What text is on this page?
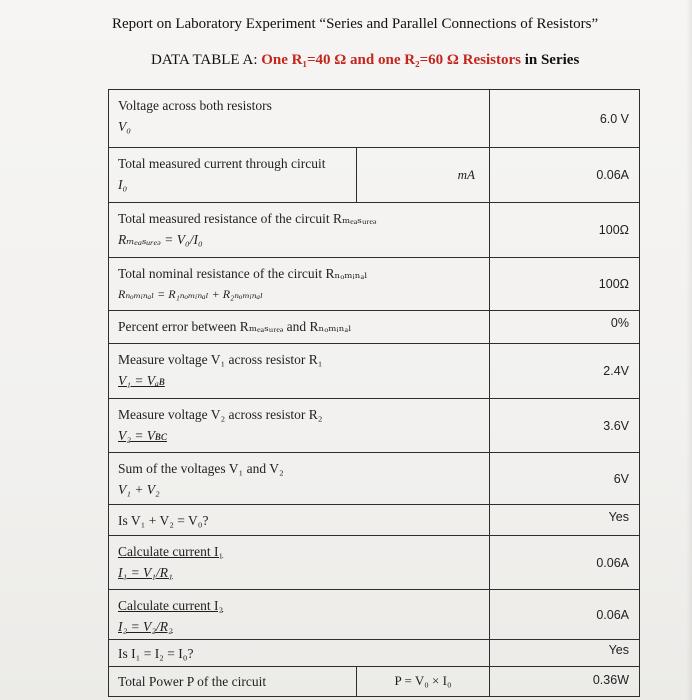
Report on Laboratory Experiment “Series and Parallel Connections of Resistors”
DATA TABLE A: One R₁=40 Ω and one R₂=60 Ω Resistors in Series
Voltage across both resistors
V₀		6.0 V

Total measured current through circuit
I₀	mA	0.06A

Total measured resistance of the circuit Rₘₑₐₛᵤᵣₑₔ
Rₘₑₐₛᵤᵣₑₔ = V₀/I₀		100Ω

Total nominal resistance of the circuit Rₙₒₘᵢₙₐₗ
Rₙₒₘᵢₙₐₗ = R₁ₙₒₘᵢₙₐₗ + R₂ₙₒₘᵢₙₐₗ		100Ω

Percent error between Rₘₑₐₛᵤᵣₑₔ and Rₙₒₘᵢₙₐₗ		0%

Measure voltage V₁ across resistor R₁
V₁ = Vₐʙ		2.4V

Measure voltage V₂ across resistor R₂
V₂ = Vʙᴄ		3.6V

Sum of the voltages V₁ and V₂
V₁ + V₂		6V

Is V₁ + V₂ = V₀?		Yes

Calculate current I₁
I₁ = V₁/R₁		0.06A

Calculate current I₂
I₂ = V₂/R₂		0.06A

Is I₁ = I₂ = I₀?		Yes

Total Power P of the circuit	P = V₀ × I₀	0.36W
